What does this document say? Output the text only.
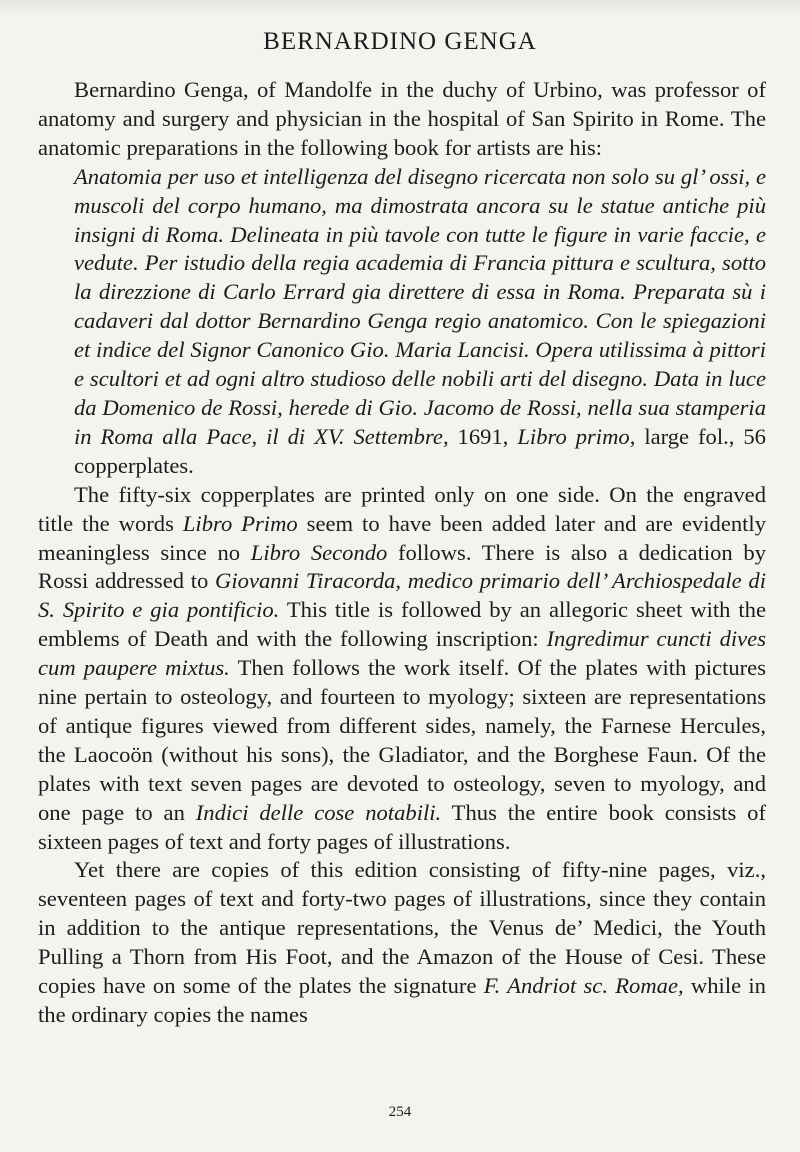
BERNARDINO GENGA

Bernardino Genga, of Mandolfe in the duchy of Urbino, was professor of anatomy and surgery and physician in the hospital of San Spirito in Rome. The anatomic preparations in the following book for artists are his:

Anatomia per uso et intelligenza del disegno ricercata non solo su gl’ ossi, e muscoli del corpo humano, ma dimostrata ancora su le statue antiche più insigni di Roma. Delineata in più tavole con tutte le figure in varie faccie, e vedute. Per istudio della regia academia di Francia pittura e scultura, sotto la direzzione di Carlo Errard gia direttere di essa in Roma. Preparata sù i cadaveri dal dottor Bernardino Genga regio anatomico. Con le spiegazioni et indice del Signor Canonico Gio. Maria Lancisi. Opera utilissima à pittori e scultori et ad ogni altro studioso delle nobili arti del disegno. Data in luce da Domenico de Rossi, herede di Gio. Jacomo de Rossi, nella sua stamperia in Roma alla Pace, il di XV. Settembre, 1691, Libro primo, large fol., 56 copperplates.

The fifty-six copperplates are printed only on one side. On the engraved title the words Libro Primo seem to have been added later and are evidently meaningless since no Libro Secondo follows. There is also a dedication by Rossi addressed to Giovanni Tiracorda, medico primario dell’ Archiospedale di S. Spirito e gia pontificio. This title is followed by an allegoric sheet with the emblems of Death and with the following inscription: Ingredimur cuncti dives cum paupere mixtus. Then follows the work itself. Of the plates with pictures nine pertain to osteology, and fourteen to myology; sixteen are representations of antique figures viewed from different sides, namely, the Farnese Hercules, the Laocoön (without his sons), the Gladiator, and the Borghese Faun. Of the plates with text seven pages are devoted to osteology, seven to myology, and one page to an Indici delle cose notabili. Thus the entire book consists of sixteen pages of text and forty pages of illustrations.

Yet there are copies of this edition consisting of fifty-nine pages, viz., seventeen pages of text and forty-two pages of illustrations, since they contain in addition to the antique representations, the Venus de’ Medici, the Youth Pulling a Thorn from His Foot, and the Amazon of the House of Cesi. These copies have on some of the plates the signature F. Andriot sc. Romae, while in the ordinary copies the names

254
